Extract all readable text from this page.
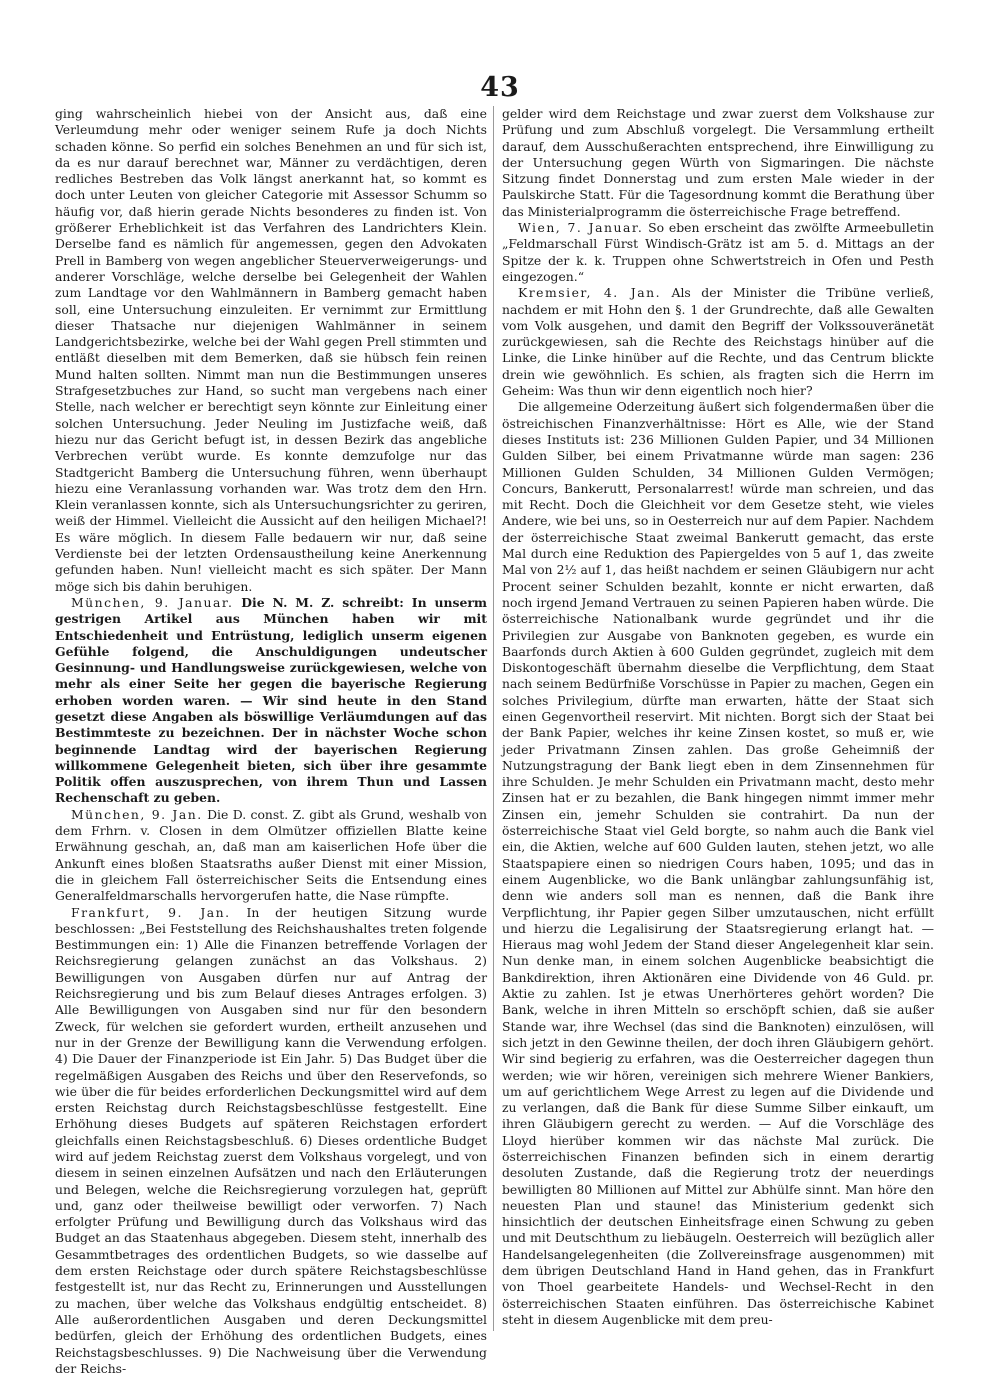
43

ging wahrscheinlich hiebei von der Ansicht aus, daß eine Verleumdung mehr oder weniger seinem Rufe ja doch Nichts schaden könne. So perfid ein solches Benehmen an und für sich ist, da es nur darauf berechnet war, Männer zu verdächtigen, deren redliches Bestreben das Volk längst anerkannt hat, so kommt es doch unter Leuten von gleicher Categorie mit Assessor Schumm so häufig vor, daß hierin gerade Nichts besonderes zu finden ist. Von größerer Erheblichkeit ist das Verfahren des Landrichters Klein. Derselbe fand es nämlich für angemessen, gegen den Advokaten Prell in Bamberg von wegen angeblicher Steuerverweigerungs- und anderer Vorschläge, welche derselbe bei Gelegenheit der Wahlen zum Landtage vor den Wahlmännern in Bamberg gemacht haben soll, eine Untersuchung einzuleiten. Er vernimmt zur Ermittlung dieser Thatsache nur diejenigen Wahlmänner in seinem Landgerichtsbezirke, welche bei der Wahl gegen Prell stimmten und entläßt dieselben mit dem Bemerken, daß sie hübsch fein reinen Mund halten sollten. Nimmt man nun die Bestimmungen unseres Strafgesetzbuches zur Hand, so sucht man vergebens nach einer Stelle, nach welcher er berechtigt seyn könnte zur Einleitung einer solchen Untersuchung. Jeder Neuling im Justizfache weiß, daß hiezu nur das Gericht befugt ist, in dessen Bezirk das angebliche Verbrechen verübt wurde. Es konnte demzufolge nur das Stadtgericht Bamberg die Untersuchung führen, wenn überhaupt hiezu eine Veranlassung vorhanden war. Was trotz dem den Hrn. Klein veranlassen konnte, sich als Untersuchungsrichter zu geriren, weiß der Himmel. Vielleicht die Aussicht auf den heiligen Michael?! Es wäre möglich. In diesem Falle bedauern wir nur, daß seine Verdienste bei der letzten Ordensaustheilung keine Anerkennung gefunden haben. Nun! vielleicht macht es sich später. Der Mann möge sich bis dahin beruhigen.

München, 9. Januar. Die N. M. Z. schreibt: In unserm gestrigen Artikel aus München haben wir mit Entschiedenheit und Entrüstung, lediglich unserm eigenen Gefühle folgend, die Anschuldigungen undeutscher Gesinnung- und Handlungsweise zurückgewiesen, welche von mehr als einer Seite her gegen die bayerische Regierung erhoben worden waren. — Wir sind heute in den Stand gesetzt diese Angaben als böswillige Verläumdungen auf das Bestimmteste zu bezeichnen. Der in nächster Woche schon beginnende Landtag wird der bayerischen Regierung willkommene Gelegenheit bieten, sich über ihre gesammte Politik offen auszusprechen, von ihrem Thun und Lassen Rechenschaft zu geben.

München, 9. Jan. Die D. const. Z. gibt als Grund, weshalb von dem Frhrn. v. Closen in dem Olmützer offiziellen Blatte keine Erwähnung geschah, an, daß man am kaiserlichen Hofe über die Ankunft eines bloßen Staatsraths außer Dienst mit einer Mission, die in gleichem Fall österreichischer Seits die Entsendung eines Generalfeldmarschalls hervorgerufen hatte, die Nase rümpfte.

Frankfurt, 9. Jan. In der heutigen Sitzung wurde beschlossen: „Bei Feststellung des Reichshaushaltes treten folgende Bestimmungen ein: 1) Alle die Finanzen betreffende Vorlagen der Reichsregierung gelangen zunächst an das Volkshaus. 2) Bewilligungen von Ausgaben dürfen nur auf Antrag der Reichsregierung und bis zum Belauf dieses Antrages erfolgen. 3) Alle Bewilligungen von Ausgaben sind nur für den besondern Zweck, für welchen sie gefordert wurden, ertheilt anzusehen und nur in der Grenze der Bewilligung kann die Verwendung erfolgen. 4) Die Dauer der Finanzperiode ist Ein Jahr. 5) Das Budget über die regelmäßigen Ausgaben des Reichs und über den Reservefonds, so wie über die für beides erforderlichen Deckungsmittel wird auf dem ersten Reichstag durch Reichstagsbeschlüsse festgestellt. Eine Erhöhung dieses Budgets auf späteren Reichstagen erfordert gleichfalls einen Reichstagsbeschluß. 6) Dieses ordentliche Budget wird auf jedem Reichstag zuerst dem Volkshaus vorgelegt, und von diesem in seinen einzelnen Aufsätzen und nach den Erläuterungen und Belegen, welche die Reichsregierung vorzulegen hat, geprüft und, ganz oder theilweise bewilligt oder verworfen. 7) Nach erfolgter Prüfung und Bewilligung durch das Volkshaus wird das Budget an das Staatenhaus abgegeben. Diesem steht, innerhalb des Gesammtbetrages des ordentlichen Budgets, so wie dasselbe auf dem ersten Reichstage oder durch spätere Reichstagsbeschlüsse festgestellt ist, nur das Recht zu, Erinnerungen und Ausstellungen zu machen, über welche das Volkshaus endgültig entscheidet. 8) Alle außerordentlichen Ausgaben und deren Deckungsmittel bedürfen, gleich der Erhöhung des ordentlichen Budgets, eines Reichstagsbeschlusses. 9) Die Nachweisung über die Verwendung der Reichs-

gelder wird dem Reichstage und zwar zuerst dem Volkshause zur Prüfung und zum Abschluß vorgelegt. Die Versammlung ertheilt darauf, dem Ausschußerachten entsprechend, ihre Einwilligung zu der Untersuchung gegen Würth von Sigmaringen. Die nächste Sitzung findet Donnerstag und zum ersten Male wieder in der Paulskirche Statt. Für die Tagesordnung kommt die Berathung über das Ministerialprogramm die österreichische Frage betreffend.

Wien, 7. Januar. So eben erscheint das zwölfte Armeebulletin „Feldmarschall Fürst Windisch-Grätz ist am 5. d. Mittags an der Spitze der k. k. Truppen ohne Schwertstreich in Ofen und Pesth eingezogen.“

Kremsier, 4. Jan. Als der Minister die Tribüne verließ, nachdem er mit Hohn den §. 1 der Grundrechte, daß alle Gewalten vom Volk ausgehen, und damit den Begriff der Volkssouveränetät zurückgewiesen, sah die Rechte des Reichstags hinüber auf die Linke, die Linke hinüber auf die Rechte, und das Centrum blickte drein wie gewöhnlich. Es schien, als fragten sich die Herrn im Geheim: Was thun wir denn eigentlich noch hier?

Die allgemeine Oderzeitung äußert sich folgendermaßen über die östreichischen Finanzverhältnisse: Hört es Alle, wie der Stand dieses Instituts ist: 236 Millionen Gulden Papier, und 34 Millionen Gulden Silber, bei einem Privatmanne würde man sagen: 236 Millionen Gulden Schulden, 34 Millionen Gulden Vermögen; Concurs, Bankerutt, Personalarrest! würde man schreien, und das mit Recht. Doch die Gleichheit vor dem Gesetze steht, wie vieles Andere, wie bei uns, so in Oesterreich nur auf dem Papier. Nachdem der österreichische Staat zweimal Bankerutt gemacht, das erste Mal durch eine Reduktion des Papiergeldes von 5 auf 1, das zweite Mal von 2½ auf 1, das heißt nachdem er seinen Gläubigern nur acht Procent seiner Schulden bezahlt, konnte er nicht erwarten, daß noch irgend Jemand Vertrauen zu seinen Papieren haben würde. Die österreichische Nationalbank wurde gegründet und ihr die Privilegien zur Ausgabe von Banknoten gegeben, es wurde ein Baarfonds durch Aktien à 600 Gulden gegründet, zugleich mit dem Diskontogeschäft übernahm dieselbe die Verpflichtung, dem Staat nach seinem Bedürfniße Vorschüsse in Papier zu machen, Gegen ein solches Privilegium, dürfte man erwarten, hätte der Staat sich einen Gegenvortheil reservirt. Mit nichten. Borgt sich der Staat bei der Bank Papier, welches ihr keine Zinsen kostet, so muß er, wie jeder Privatmann Zinsen zahlen. Das große Geheimniß der Nutzungstragung der Bank liegt eben in dem Zinsennehmen für ihre Schulden. Je mehr Schulden ein Privatmann macht, desto mehr Zinsen hat er zu bezahlen, die Bank hingegen nimmt immer mehr Zinsen ein, jemehr Schulden sie contrahirt. Da nun der österreichische Staat viel Geld borgte, so nahm auch die Bank viel ein, die Aktien, welche auf 600 Gulden lauten, stehen jetzt, wo alle Staatspapiere einen so niedrigen Cours haben, 1095; und das in einem Augenblicke, wo die Bank unlängbar zahlungsunfähig ist, denn wie anders soll man es nennen, daß die Bank ihre Verpflichtung, ihr Papier gegen Silber umzutauschen, nicht erfüllt und hierzu die Legalisirung der Staatsregierung erlangt hat. — Hieraus mag wohl Jedem der Stand dieser Angelegenheit klar sein. Nun denke man, in einem solchen Augenblicke beabsichtigt die Bankdirektion, ihren Aktionären eine Dividende von 46 Guld. pr. Aktie zu zahlen. Ist je etwas Unerhörteres gehört worden? Die Bank, welche in ihren Mitteln so erschöpft schien, daß sie außer Stande war, ihre Wechsel (das sind die Banknoten) einzulösen, will sich jetzt in den Gewinne theilen, der doch ihren Gläubigern gehört. Wir sind begierig zu erfahren, was die Oesterreicher dagegen thun werden; wie wir hören, vereinigen sich mehrere Wiener Bankiers, um auf gerichtlichem Wege Arrest zu legen auf die Dividende und zu verlangen, daß die Bank für diese Summe Silber einkauft, um ihren Gläubigern gerecht zu werden. — Auf die Vorschläge des Lloyd hierüber kommen wir das nächste Mal zurück. Die österreichischen Finanzen befinden sich in einem derartig desoluten Zustande, daß die Regierung trotz der neuerdings bewilligten 80 Millionen auf Mittel zur Abhülfe sinnt. Man höre den neuesten Plan und staune! das Ministerium gedenkt sich hinsichtlich der deutschen Einheitsfrage einen Schwung zu geben und mit Deutschthum zu liebäugeln. Oesterreich will bezüglich aller Handelsangelegenheiten (die Zollvereinsfrage ausgenommen) mit dem übrigen Deutschland Hand in Hand gehen, das in Frankfurt von Thoel gearbeitete Handels- und Wechsel-Recht in den österreichischen Staaten einführen. Das österreichische Kabinet steht in diesem Augenblicke mit dem preu-
